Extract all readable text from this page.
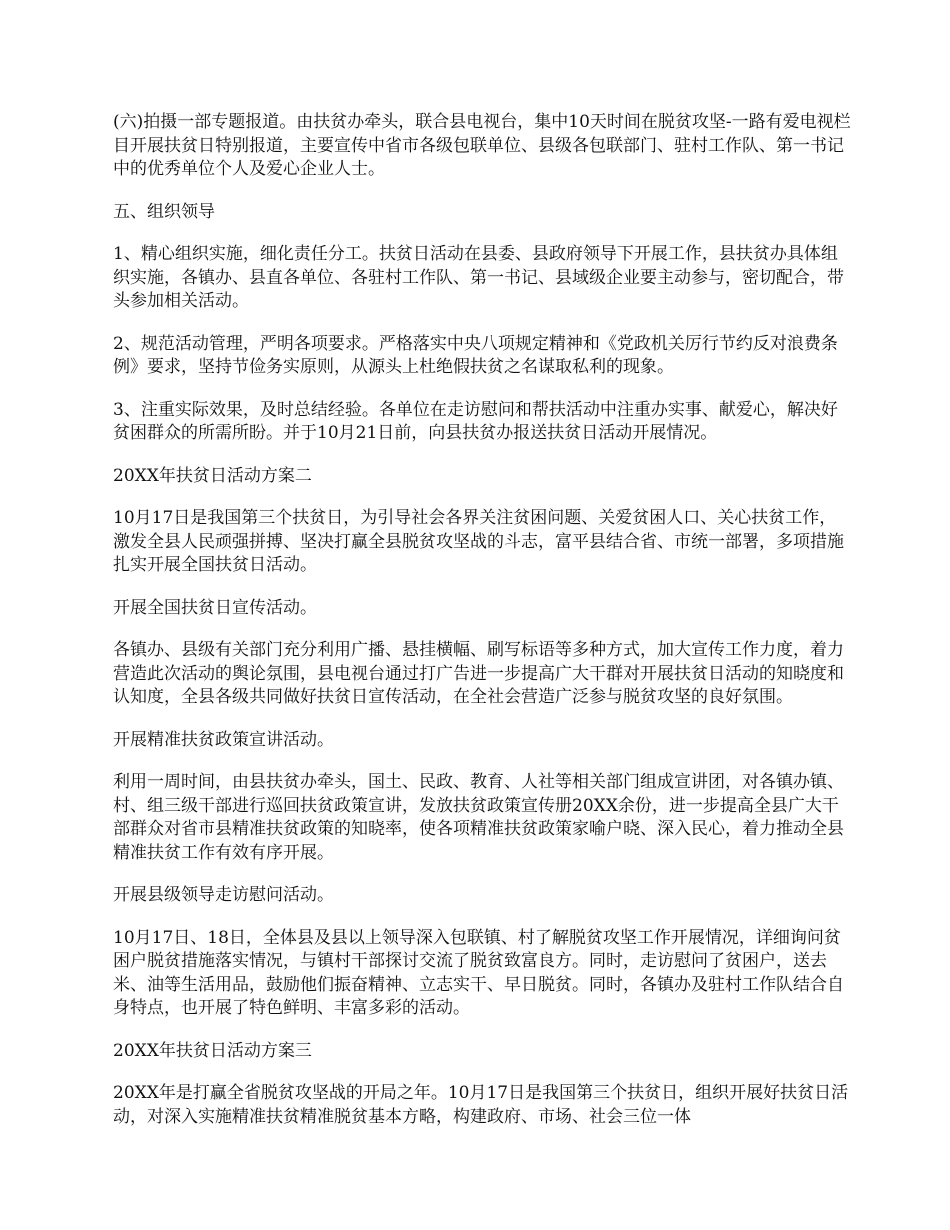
(六)拍摄一部专题报道。由扶贫办牵头，联合县电视台，集中10天时间在脱贫攻坚-一路有爱电视栏目开展扶贫日特别报道，主要宣传中省市各级包联单位、县级各包联部门、驻村工作队、第一书记中的优秀单位个人及爱心企业人士。

五、组织领导

1、精心组织实施，细化责任分工。扶贫日活动在县委、县政府领导下开展工作，县扶贫办具体组织实施，各镇办、县直各单位、各驻村工作队、第一书记、县域级企业要主动参与，密切配合，带头参加相关活动。

2、规范活动管理，严明各项要求。严格落实中央八项规定精神和《党政机关厉行节约反对浪费条例》要求，坚持节俭务实原则，从源头上杜绝假扶贫之名谋取私利的现象。

3、注重实际效果，及时总结经验。各单位在走访慰问和帮扶活动中注重办实事、献爱心，解决好贫困群众的所需所盼。并于10月21日前，向县扶贫办报送扶贫日活动开展情况。

20XX年扶贫日活动方案二

10月17日是我国第三个扶贫日，为引导社会各界关注贫困问题、关爱贫困人口、关心扶贫工作，激发全县人民顽强拼搏、坚决打赢全县脱贫攻坚战的斗志，富平县结合省、市统一部署，多项措施扎实开展全国扶贫日活动。

开展全国扶贫日宣传活动。

各镇办、县级有关部门充分利用广播、悬挂横幅、刷写标语等多种方式，加大宣传工作力度，着力营造此次活动的舆论氛围，县电视台通过打广告进一步提高广大干群对开展扶贫日活动的知晓度和认知度，全县各级共同做好扶贫日宣传活动，在全社会营造广泛参与脱贫攻坚的良好氛围。

开展精准扶贫政策宣讲活动。

利用一周时间，由县扶贫办牵头，国土、民政、教育、人社等相关部门组成宣讲团，对各镇办镇、村、组三级干部进行巡回扶贫政策宣讲，发放扶贫政策宣传册20XX余份，进一步提高全县广大干部群众对省市县精准扶贫政策的知晓率，使各项精准扶贫政策家喻户晓、深入民心，着力推动全县精准扶贫工作有效有序开展。

开展县级领导走访慰问活动。

10月17日、18日，全体县及县以上领导深入包联镇、村了解脱贫攻坚工作开展情况，详细询问贫困户脱贫措施落实情况，与镇村干部探讨交流了脱贫致富良方。同时，走访慰问了贫困户，送去米、油等生活用品，鼓励他们振奋精神、立志实干、早日脱贫。同时，各镇办及驻村工作队结合自身特点，也开展了特色鲜明、丰富多彩的活动。

20XX年扶贫日活动方案三

20XX年是打赢全省脱贫攻坚战的开局之年。10月17日是我国第三个扶贫日，组织开展好扶贫日活动，对深入实施精准扶贫精准脱贫基本方略，构建政府、市场、社会三位一体
